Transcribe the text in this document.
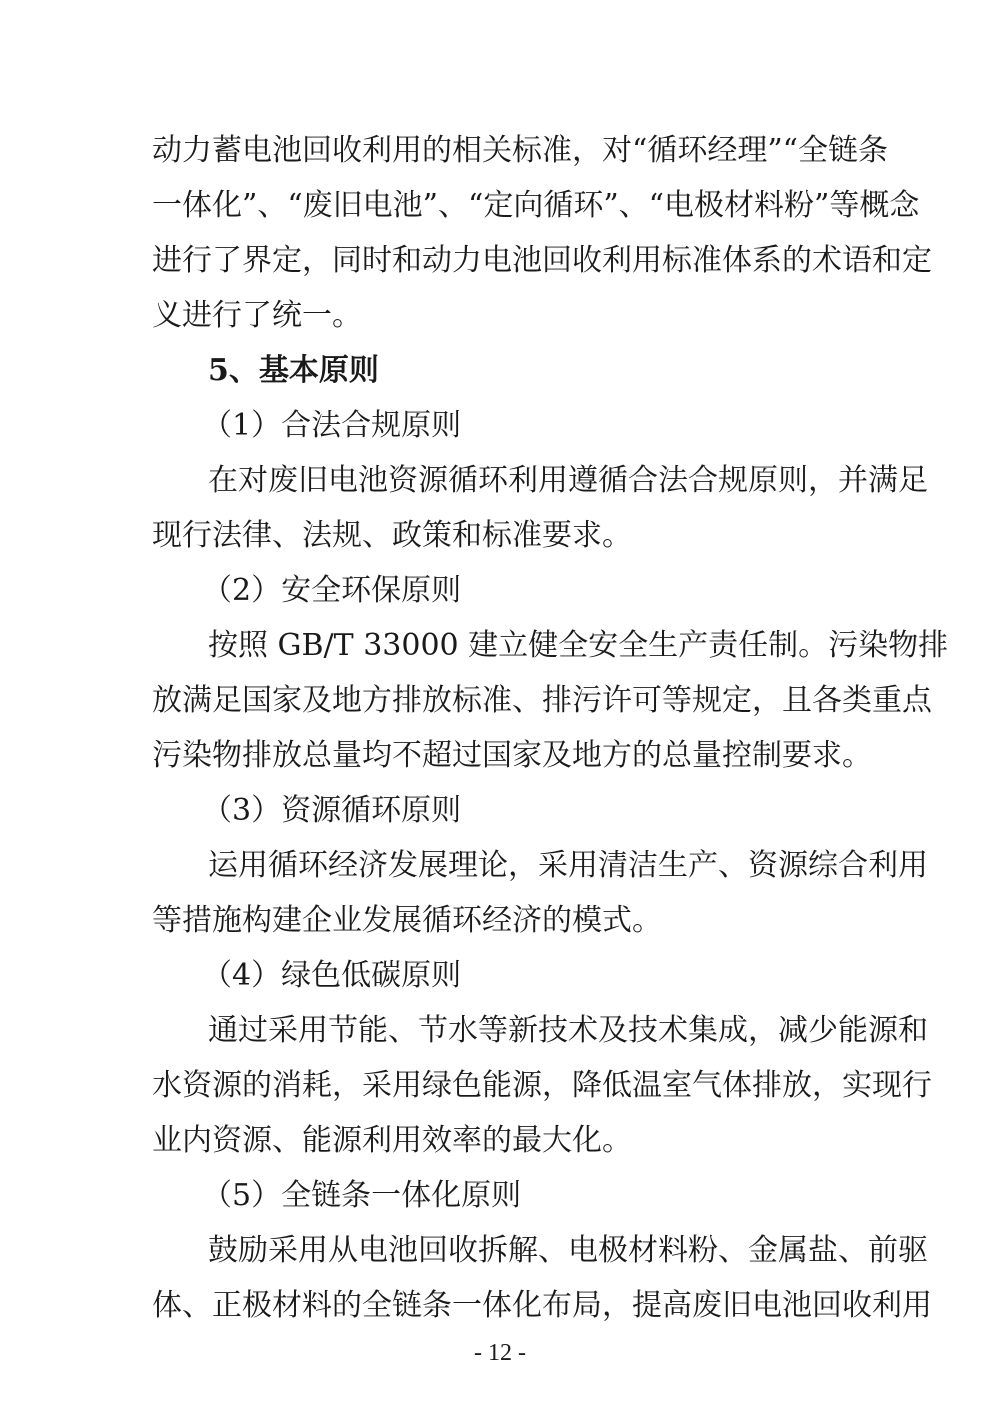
动力蓄电池回收利用的相关标准，对“循环经理”“全链条
一体化”、“废旧电池”、“定向循环”、“电极材料粉”等概念
进行了界定，同时和动力电池回收利用标准体系的术语和定
义进行了统一。
5、基本原则
（1）合法合规原则
在对废旧电池资源循环利用遵循合法合规原则，并满足
现行法律、法规、政策和标准要求。
（2）安全环保原则
按照 GB/T 33000 建立健全安全生产责任制。污染物排
放满足国家及地方排放标准、排污许可等规定，且各类重点
污染物排放总量均不超过国家及地方的总量控制要求。
（3）资源循环原则
运用循环经济发展理论，采用清洁生产、资源综合利用
等措施构建企业发展循环经济的模式。
（4）绿色低碳原则
通过采用节能、节水等新技术及技术集成，减少能源和
水资源的消耗，采用绿色能源，降低温室气体排放，实现行
业内资源、能源利用效率的最大化。
（5）全链条一体化原则
鼓励采用从电池回收拆解、电极材料粉、金属盐、前驱
体、正极材料的全链条一体化布局，提高废旧电池回收利用
- 12 -
